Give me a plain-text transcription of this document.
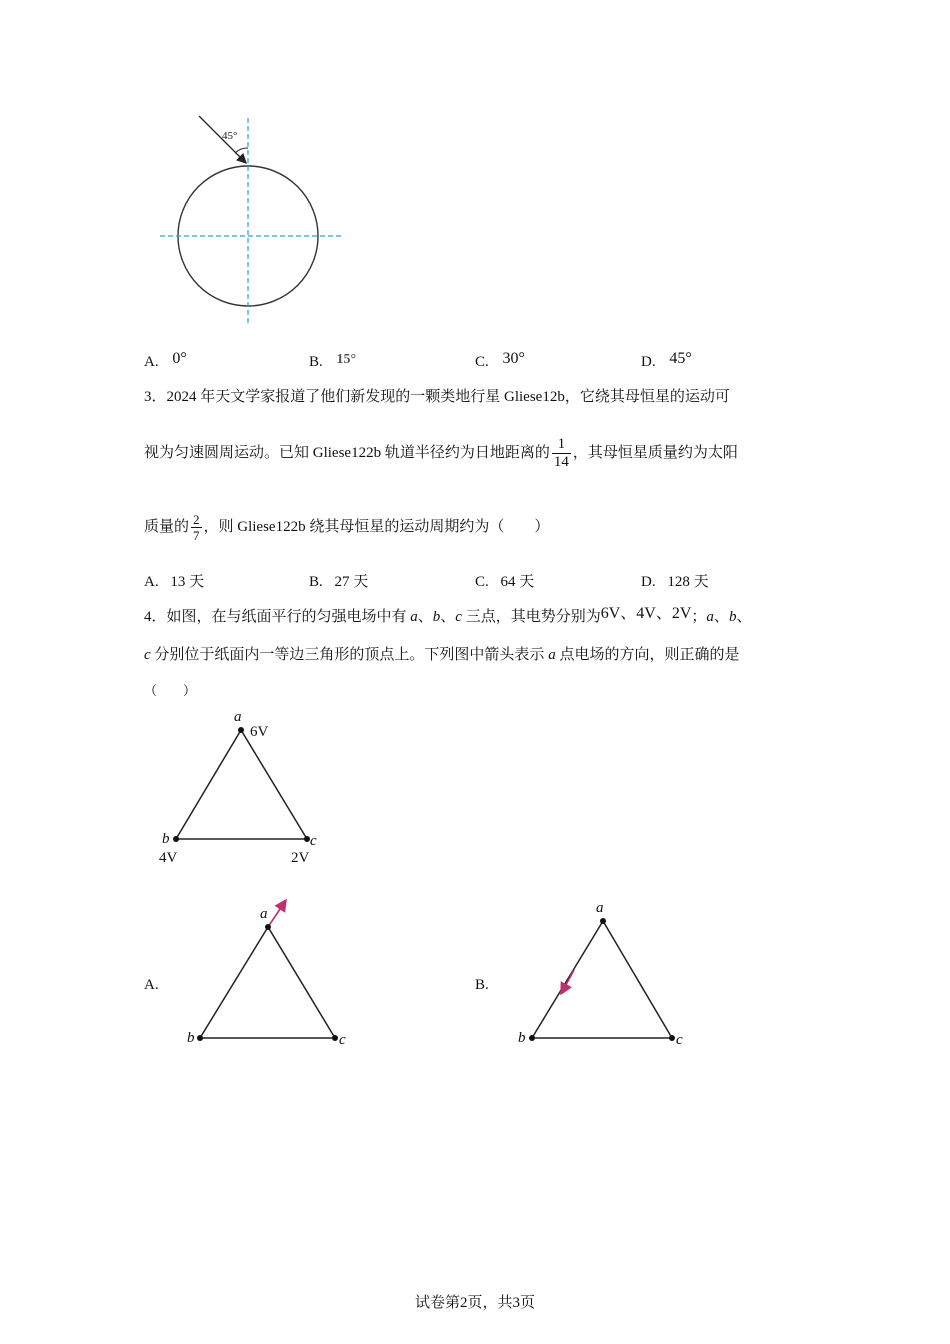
45°
A. 0°	B. 15°	C. 30°	D. 45°
3．2024 年天文学家报道了他们新发现的一颗类地行星 Gliese12b，它绕其母恒星的运动可
视为匀速圆周运动。已知 Gliese122b 轨道半径约为日地距离的 $\frac{1}{14}$ ，其母恒星质量约为太阳
质量的 $\frac{2}{7}$ ，则 Gliese122b 绕其母恒星的运动周期约为（　　）
A. 13 天	B. 27 天	C. 64 天	D. 128 天
4．如图，在与纸面平行的匀强电场中有 a、b、c 三点，其电势分别为6V、4V、2V；a、b、
c 分别位于纸面内一等边三角形的顶点上。下列图中箭头表示 a 点电场的方向，则正确的是
（　　）
a
6V
b
4V
c
2V
A.
a
b	c
B.
a
b	c
试卷第2页，共3页
